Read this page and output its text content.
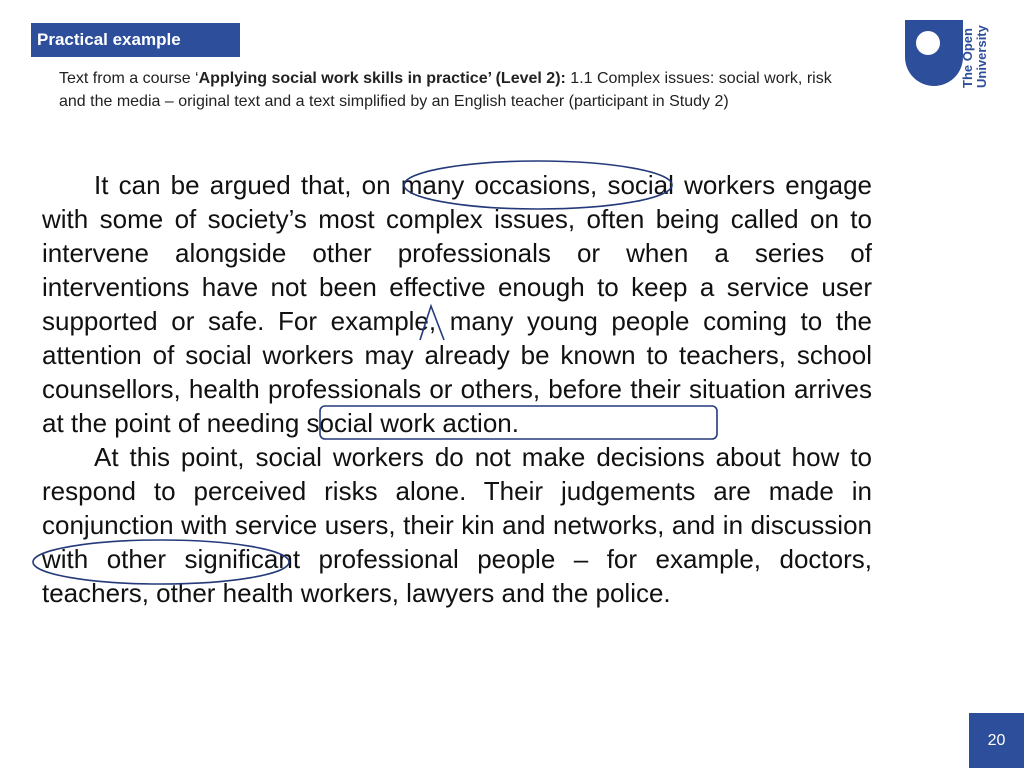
Practical example
Text from a course ‘Applying social work skills in practice’ (Level 2): 1.1 Complex issues: social work, risk and the media – original text and a text simplified by an English teacher (participant in Study 2)
The Open University

It can be argued that, on many occasions, social workers engage with some of society’s most complex issues, often being called on to intervene alongside other professionals or when a series of interventions have not been effective enough to keep a service user supported or safe. For example, many young people coming to the attention of social workers may already be known to teachers, school counsellors, health professionals or others, before their situation arrives at the point of needing social work action.

At this point, social workers do not make decisions about how to respond to perceived risks alone. Their judgements are made in conjunction with service users, their kin and networks, and in discussion with other significant professional people – for example, doctors, teachers, other health workers, lawyers and the police.

20
